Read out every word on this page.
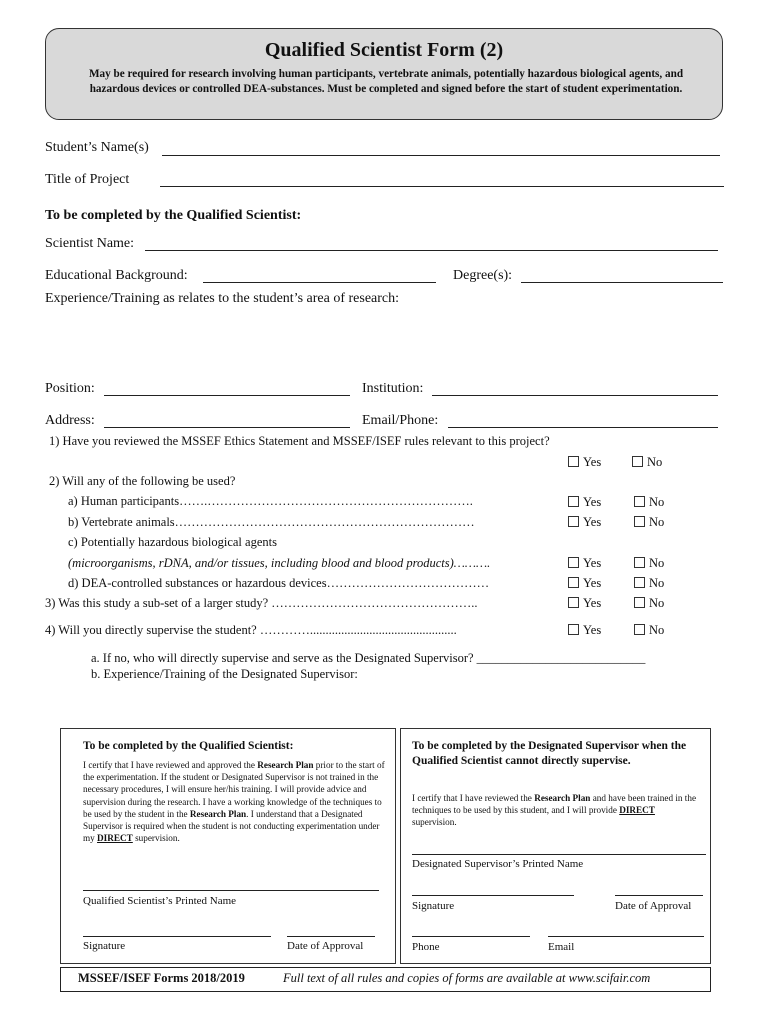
Qualified Scientist Form (2)
May be required for research involving human participants, vertebrate animals, potentially hazardous biological agents, and hazardous devices or controlled DEA-substances. Must be completed and signed before the start of student experimentation.
Student’s Name(s)
Title of Project
To be completed by the Qualified Scientist:
Scientist Name:
Educational Background:	Degree(s):
Experience/Training as relates to the student’s area of research:
Position:	Institution:
Address:	Email/Phone:
1) Have you reviewed the MSSEF Ethics Statement and MSSEF/ISEF rules relevant to this project?
Yes	No
2) Will any of the following be used?
a) Human participants…….……………………………………………………….	Yes	No
b) Vertebrate animals………………………………………………………………	Yes	No
c) Potentially hazardous biological agents
(microorganisms, rDNA, and/or tissues, including blood and blood products)……….	Yes	No
d) DEA-controlled substances or hazardous devices…………………………………	Yes	No
3) Was this study a sub-set of a larger study? …………………………………………..	Yes	No
4) Will you directly supervise the student? …………...............................................	Yes	No
a. If no, who will directly supervise and serve as the Designated Supervisor? ___________________________
b. Experience/Training of the Designated Supervisor:
To be completed by the Qualified Scientist:
I certify that I have reviewed and approved the Research Plan prior to the start of the experimentation. If the student or Designated Supervisor is not trained in the necessary procedures, I will ensure her/his training. I will provide advice and supervision during the research. I have a working knowledge of the techniques to be used by the student in the Research Plan. I understand that a Designated Supervisor is required when the student is not conducting experimentation under my DIRECT supervision.
Qualified Scientist’s Printed Name
Signature	Date of Approval
To be completed by the Designated Supervisor when the Qualified Scientist cannot directly supervise.
I certify that I have reviewed the Research Plan and have been trained in the techniques to be used by this student, and I will provide DIRECT supervision.
Designated Supervisor’s Printed Name
Signature	Date of Approval
Phone	Email
MSSEF/ISEF Forms 2018/2019	Full text of all rules and copies of forms are available at www.scifair.com
